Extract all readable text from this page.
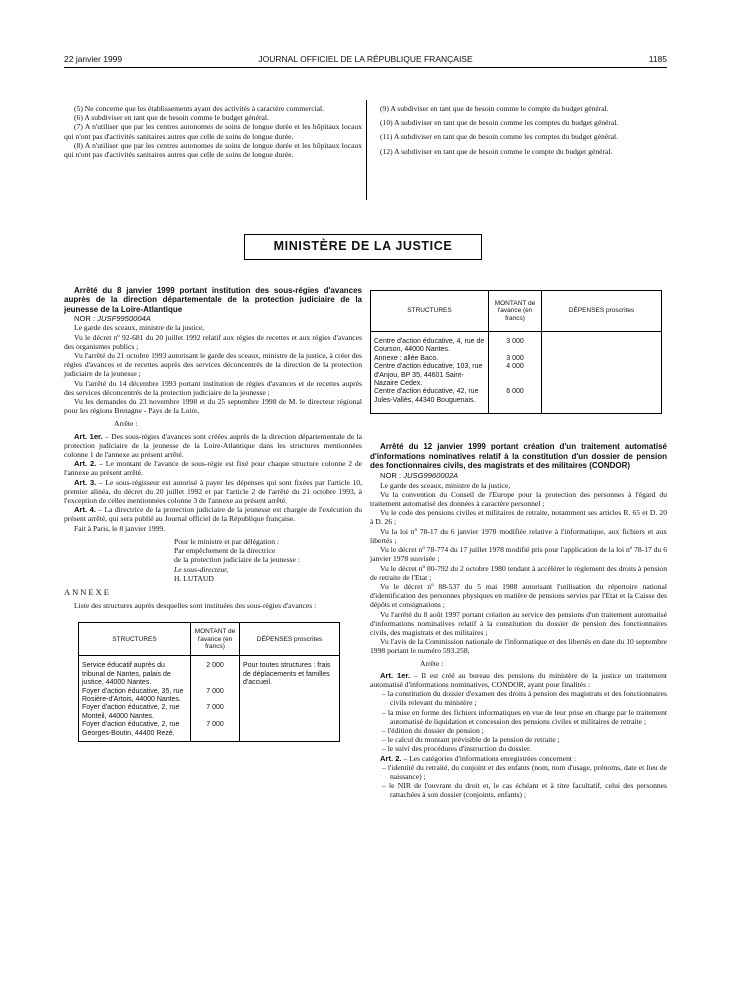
22 janvier 1999	JOURNAL OFFICIEL DE LA RÉPUBLIQUE FRANÇAISE	1185

(5) Ne concerne que les établissements ayant des activités à caractère commercial.

(6) A subdiviser en tant que de besoin comme le budget général.

(7) A n'utiliser que par les centres autonomes de soins de longue durée et les hôpitaux locaux qui n'ont pas d'activités sanitaires autres que celle de soins de longue durée.

(8) A n'utiliser que par les centres autonomes de soins de longue durée et les hôpitaux locaux qui n'ont pas d'activités sanitaires autres que celle de soins de longue durée.

(9) A subdiviser en tant que de besoin comme le compte du budget général.

(10) A subdiviser en tant que de besoin comme les comptes du budget général.

(11) A subdiviser en tant que de besoin comme les comptes du budget général.

(12) A subdiviser en tant que de besoin comme le compte du budget général.

MINISTÈRE DE LA JUSTICE

Arrêté du 8 janvier 1999 portant institution des sous-régies d'avances auprès de la direction départementale de la protection judiciaire de la jeunesse de la Loire-Atlantique

NOR : JUSF9950004A

Le garde des sceaux, ministre de la justice,

Vu le décret nº 92-681 du 20 juillet 1992 relatif aux régies de recettes et aux régies d'avances des organismes publics ;

Vu l'arrêté du 21 octobre 1993 autorisant le garde des sceaux, ministre de la justice, à créer des régies d'avances et de recettes auprès des services déconcentrés de la direction de la protection judiciaire de la jeunesse ;

Vu l'arrêté du 14 décembre 1993 portant institution de régies d'avances et de recettes auprès des services déconcentrés de la protection judiciaire de la jeunesse ;

Vu les demandes du 23 novembre 1998 et du 25 septembre 1998 de M. le directeur régional pour les régions Bretagne - Pays de la Loire,

Arrête :

Art. 1er. – Des sous-régies d'avances sont créées auprès de la direction départementale de la protection judiciaire de la jeunesse de la Loire-Atlantique dans les structures mentionnées colonne 1 de l'annexe au présent arrêté.

Art. 2. – Le montant de l'avance de sous-régie est fixé pour chaque structure colonne 2 de l'annexe au présent arrêté.

Art. 3. – Le sous-régisseur est autorisé à payer les dépenses qui sont fixées par l'article 10, premier alinéa, du décret du 20 juillet 1992 et par l'article 2 de l'arrêté du 21 octobre 1993, à l'exception de celles mentionnées colonne 3 de l'annexe au présent arrêté.

Art. 4. – La directrice de la protection judiciaire de la jeunesse est chargée de l'exécution du présent arrêté, qui sera publié au Journal officiel de la République française.

Fait à Paris, le 8 janvier 1999.

Pour le ministre et par délégation :

Par empêchement de la directrice

de la protection judiciaire de la jeunesse :

Le sous-directeur,

H. LUTAUD

ANNEXE

Liste des structures auprès desquelles sont instituées des sous-régies d'avances :

STRUCTURES	MONTANT de l'avance (en francs)	DÉPENSES proscrites
Service éducatif auprès du tribunal de Nantes, palais de justice, 44000 Nantes.	2 000	Pour toutes structures : frais de déplacements et familles d'accueil.
Foyer d'action éducative, 35, rue Rosière-d'Artois, 44000 Nantes.	7 000	
Foyer d'action éducative, 2, rue Monteil, 44000 Nantes.	7 000	
Foyer d'action éducative, 2, rue Georges-Boutin, 44400 Rezé.	7 000	
STRUCTURES	MONTANT de l'avance (en francs)	DÉPENSES proscrites
Centre d'action éducative, 4, rue de Courson, 44000 Nantes.	3 000	
Annexe : allée Baco.	3 000	
Centre d'action éducative, 103, rue d'Anjou, BP 35, 44601 Saint-Nazaire Cedex.	4 000	
Centre d'action éducative, 42, rue Jules-Vallès, 44340 Bouguenais.	6 000	

Arrêté du 12 janvier 1999 portant création d'un traitement automatisé d'informations nominatives relatif à la constitution d'un dossier de pension des fonctionnaires civils, des magistrats et des militaires (CONDOR)

NOR : JUSG9960002A

Le garde des sceaux, ministre de la justice,

Vu la convention du Conseil de l'Europe pour la protection des personnes à l'égard du traitement automatisé des données à caractère personnel ;

Vu le code des pensions civiles et militaires de retraite, notamment ses articles R. 65 et D. 20 à D. 26 ;

Vu la loi nº 78-17 du 6 janvier 1978 modifiée relative à l'informatique, aux fichiers et aux libertés ;

Vu le décret nº 78-774 du 17 juillet 1978 modifié pris pour l'application de la loi nº 78-17 du 6 janvier 1978 susvisée ;

Vu le décret nº 80-792 du 2 octobre 1980 tendant à accélérer le règlement des droits à pension de retraite de l'Etat ;

Vu le décret nº 88-537 du 5 mai 1988 autorisant l'utilisation du répertoire national d'identification des personnes physiques en matière de pensions servies par l'Etat et la Caisse des dépôts et consignations ;

Vu l'arrêté du 8 août 1997 portant création au service des pensions d'un traitement automatisé d'informations nominatives relatif à la constitution du dossier de pension des fonctionnaires civils, des magistrats et des militaires ;

Vu l'avis de la Commission nationale de l'informatique et des libertés en date du 10 septembre 1998 portant le numéro 593.258,

Arrête :

Art. 1er. – Il est créé au bureau des pensions du ministère de la justice un traitement automatisé d'informations nominatives, CONDOR, ayant pour finalités :

– la constitution du dossier d'examen des droits à pension des magistrats et des fonctionnaires civils relevant du ministère ;
– la mise en forme des fichiers informatiques en vue de leur prise en charge par le traitement automatisé de liquidation et concession des pensions civiles et militaires de retraite ;
– l'édition du dossier de pension ;
– le calcul du montant prévisible de la pension de retraite ;
– le suivi des procédures d'instruction du dossier.

Art. 2. – Les catégories d'informations enregistrées concernent :

– l'identité du retraité, du conjoint et des enfants (nom, nom d'usage, prénoms, date et lieu de naissance) ;
– le NIR de l'ouvrant du droit et, le cas échéant et à titre facultatif, celui des personnes rattachées à son dossier (conjoints, enfants) ;
